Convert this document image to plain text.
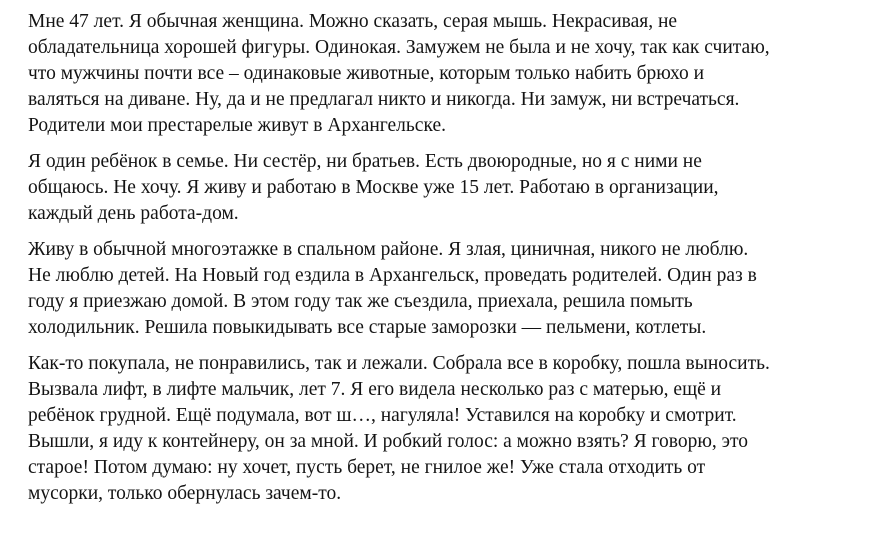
Мне 47 лет. Я обычная женщина. Можно сказать, серая мышь. Некрасивая, не
обладательница хорошей фигуры. Одинокая. Замужем не была и не хочу, так как считаю,
что мужчины почти все – одинаковые животные, которым только набить брюхо и
валяться на диване. Ну, да и не предлагал никто и никогда. Ни замуж, ни встречаться.
Родители мои престарелые живут в Архангельске.

Я один ребёнок в семье. Ни сестёр, ни братьев. Есть двоюродные, но я с ними не
общаюсь. Не хочу. Я живу и работаю в Москве уже 15 лет. Работаю в организации,
каждый день работа-дом.

Живу в обычной многоэтажке в спальном районе. Я злая, циничная, никого не люблю.
Не люблю детей. На Новый год ездила в Архангельск, проведать родителей. Один раз в
году я приезжаю домой. В этом году так же съездила, приехала, решила помыть
холодильник. Решила повыкидывать все старые заморозки — пельмени, котлеты.

Как-то покупала, не понравились, так и лежали. Собрала все в коробку, пошла выносить.
Вызвала лифт, в лифте мальчик, лет 7. Я его видела несколько раз с матерью, ещё и
ребёнок грудной. Ещё подумала, вот ш…, нагуляла! Уставился на коробку и смотрит.
Вышли, я иду к контейнеру, он за мной. И робкий голос: а можно взять? Я говорю, это
старое! Потом думаю: ну хочет, пусть берет, не гнилое же! Уже стала отходить от
мусорки, только обернулась зачем-то.
